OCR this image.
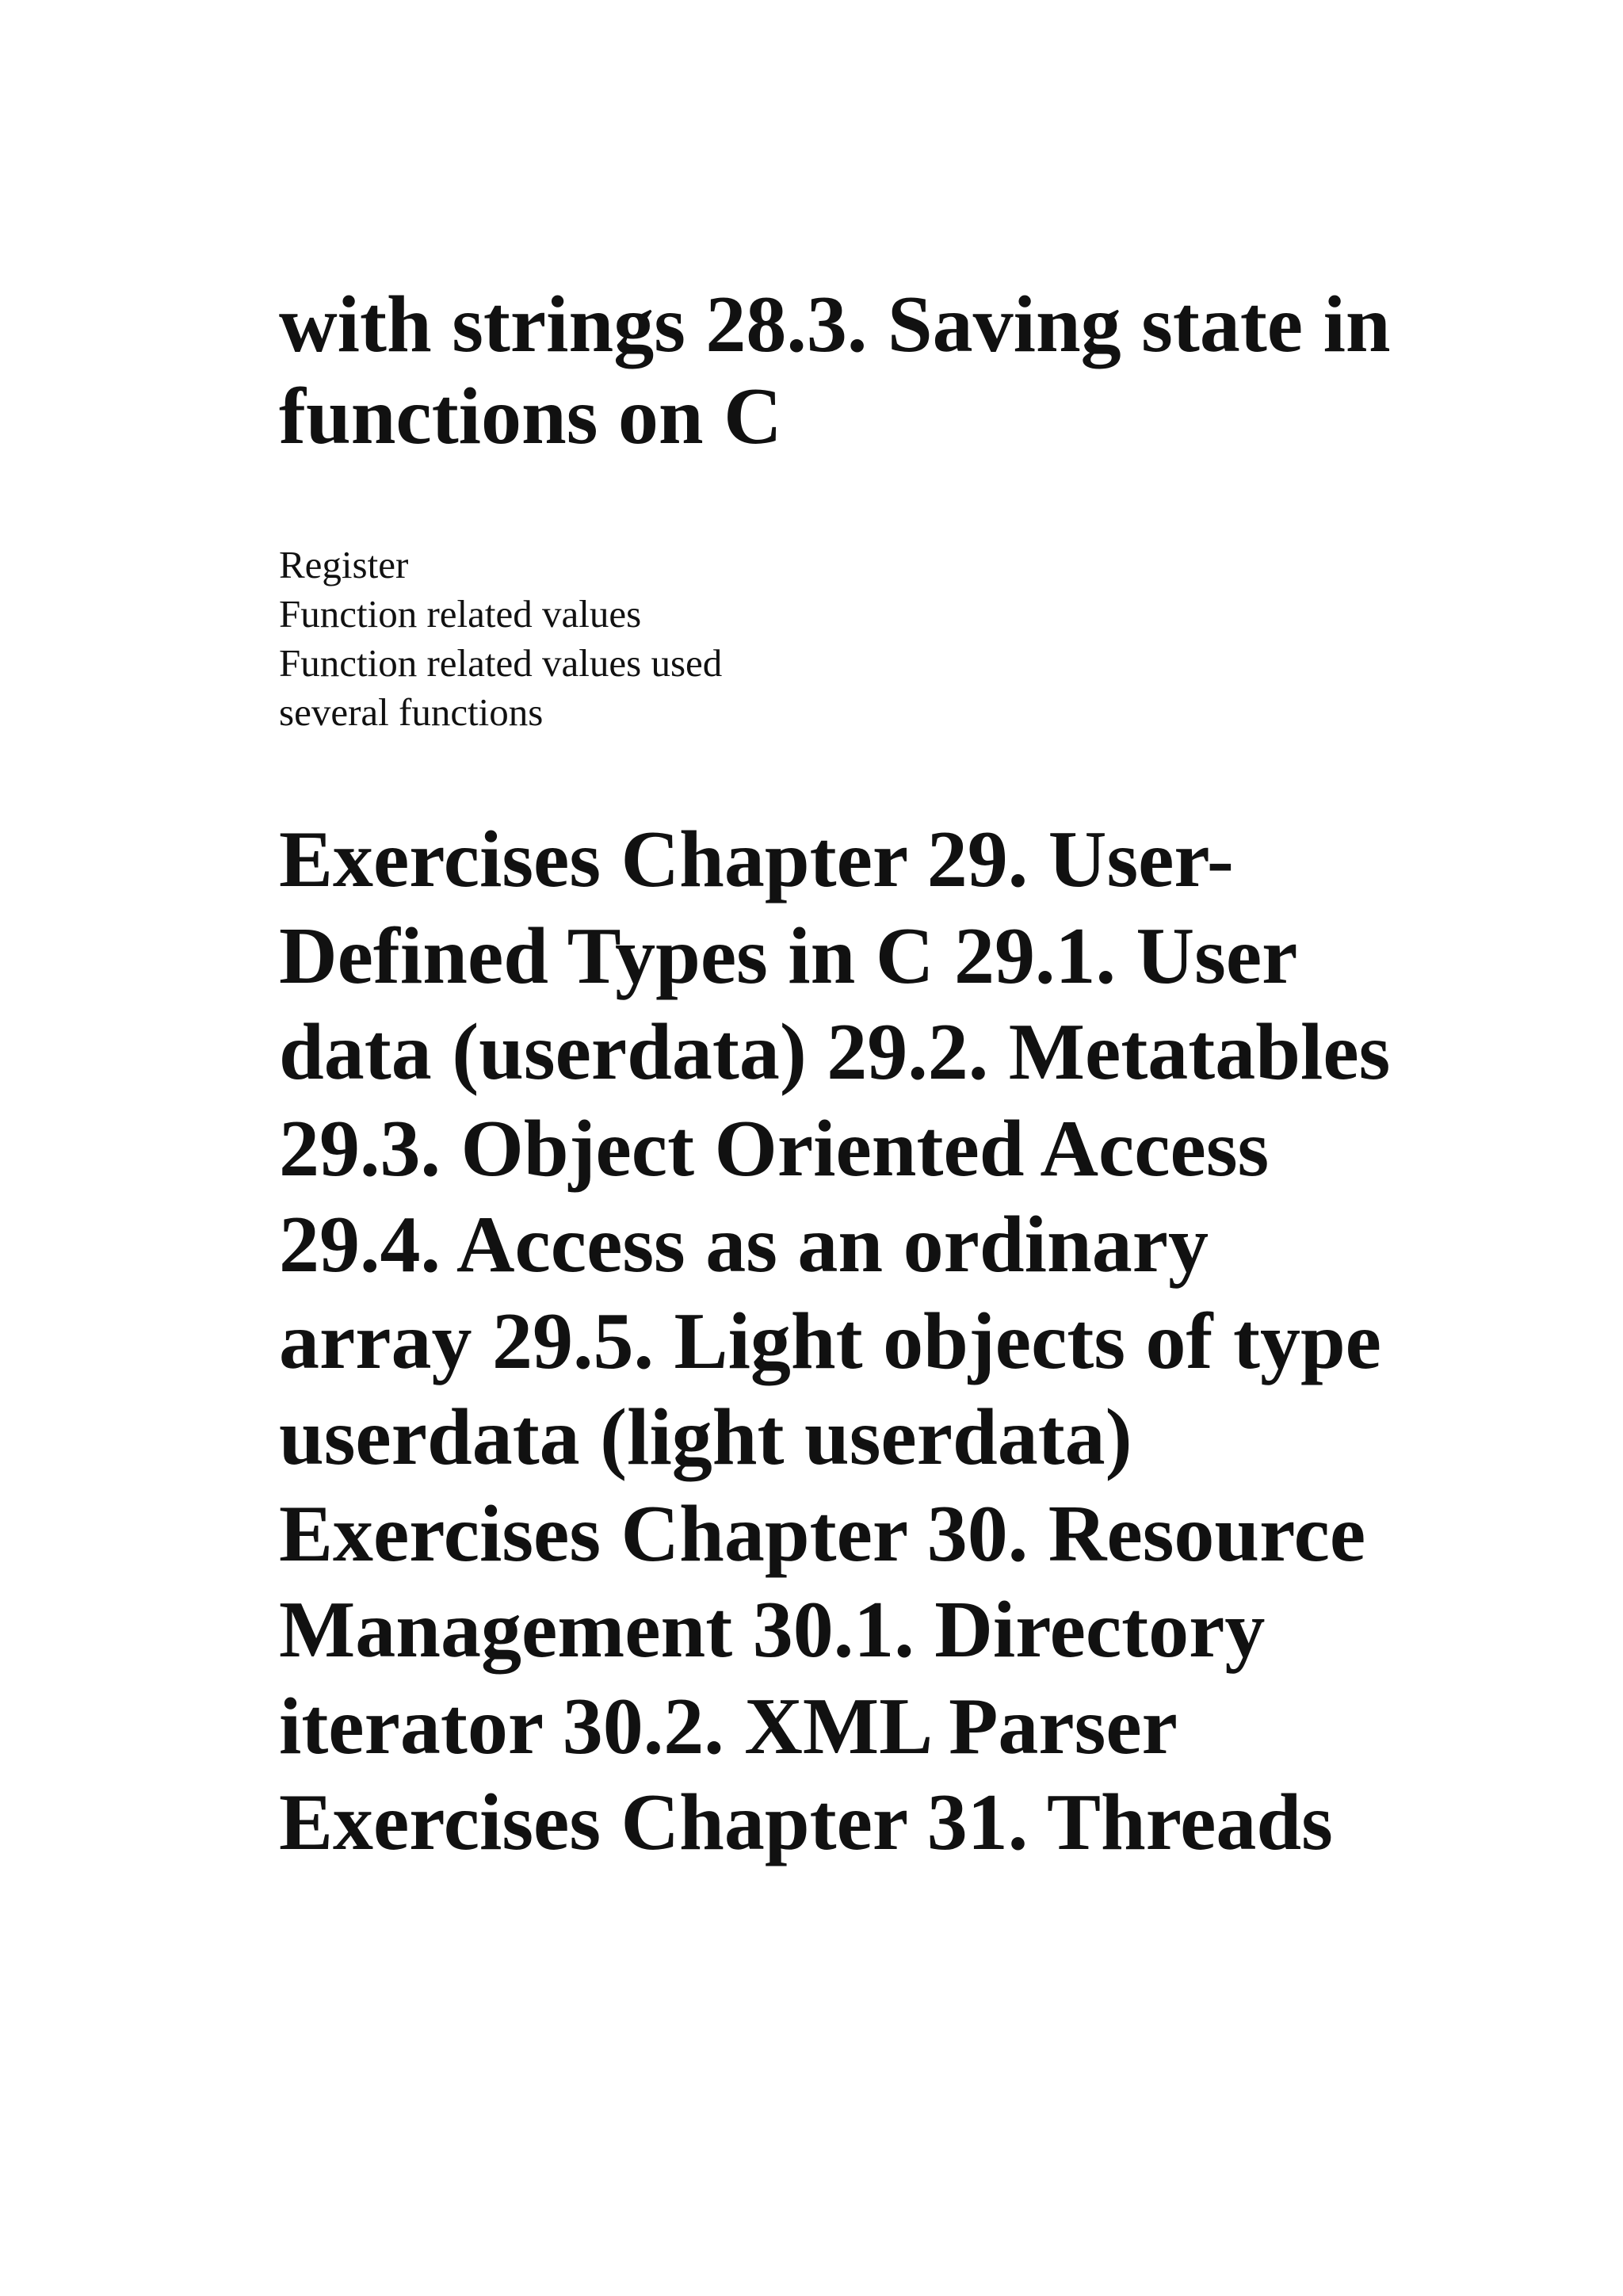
with strings 28.3. Saving state in functions on C
Register
Function related values
Function related values used
several functions
Exercises Chapter 29. User-Defined Types in C 29.1. User data (userdata) 29.2. Metatables 29.3. Object Oriented Access 29.4. Access as an ordinary array 29.5. Light objects of type userdata (light userdata) Exercises Chapter 30. Resource Management 30.1. Directory iterator 30.2. XML Parser Exercises Chapter 31. Threads
